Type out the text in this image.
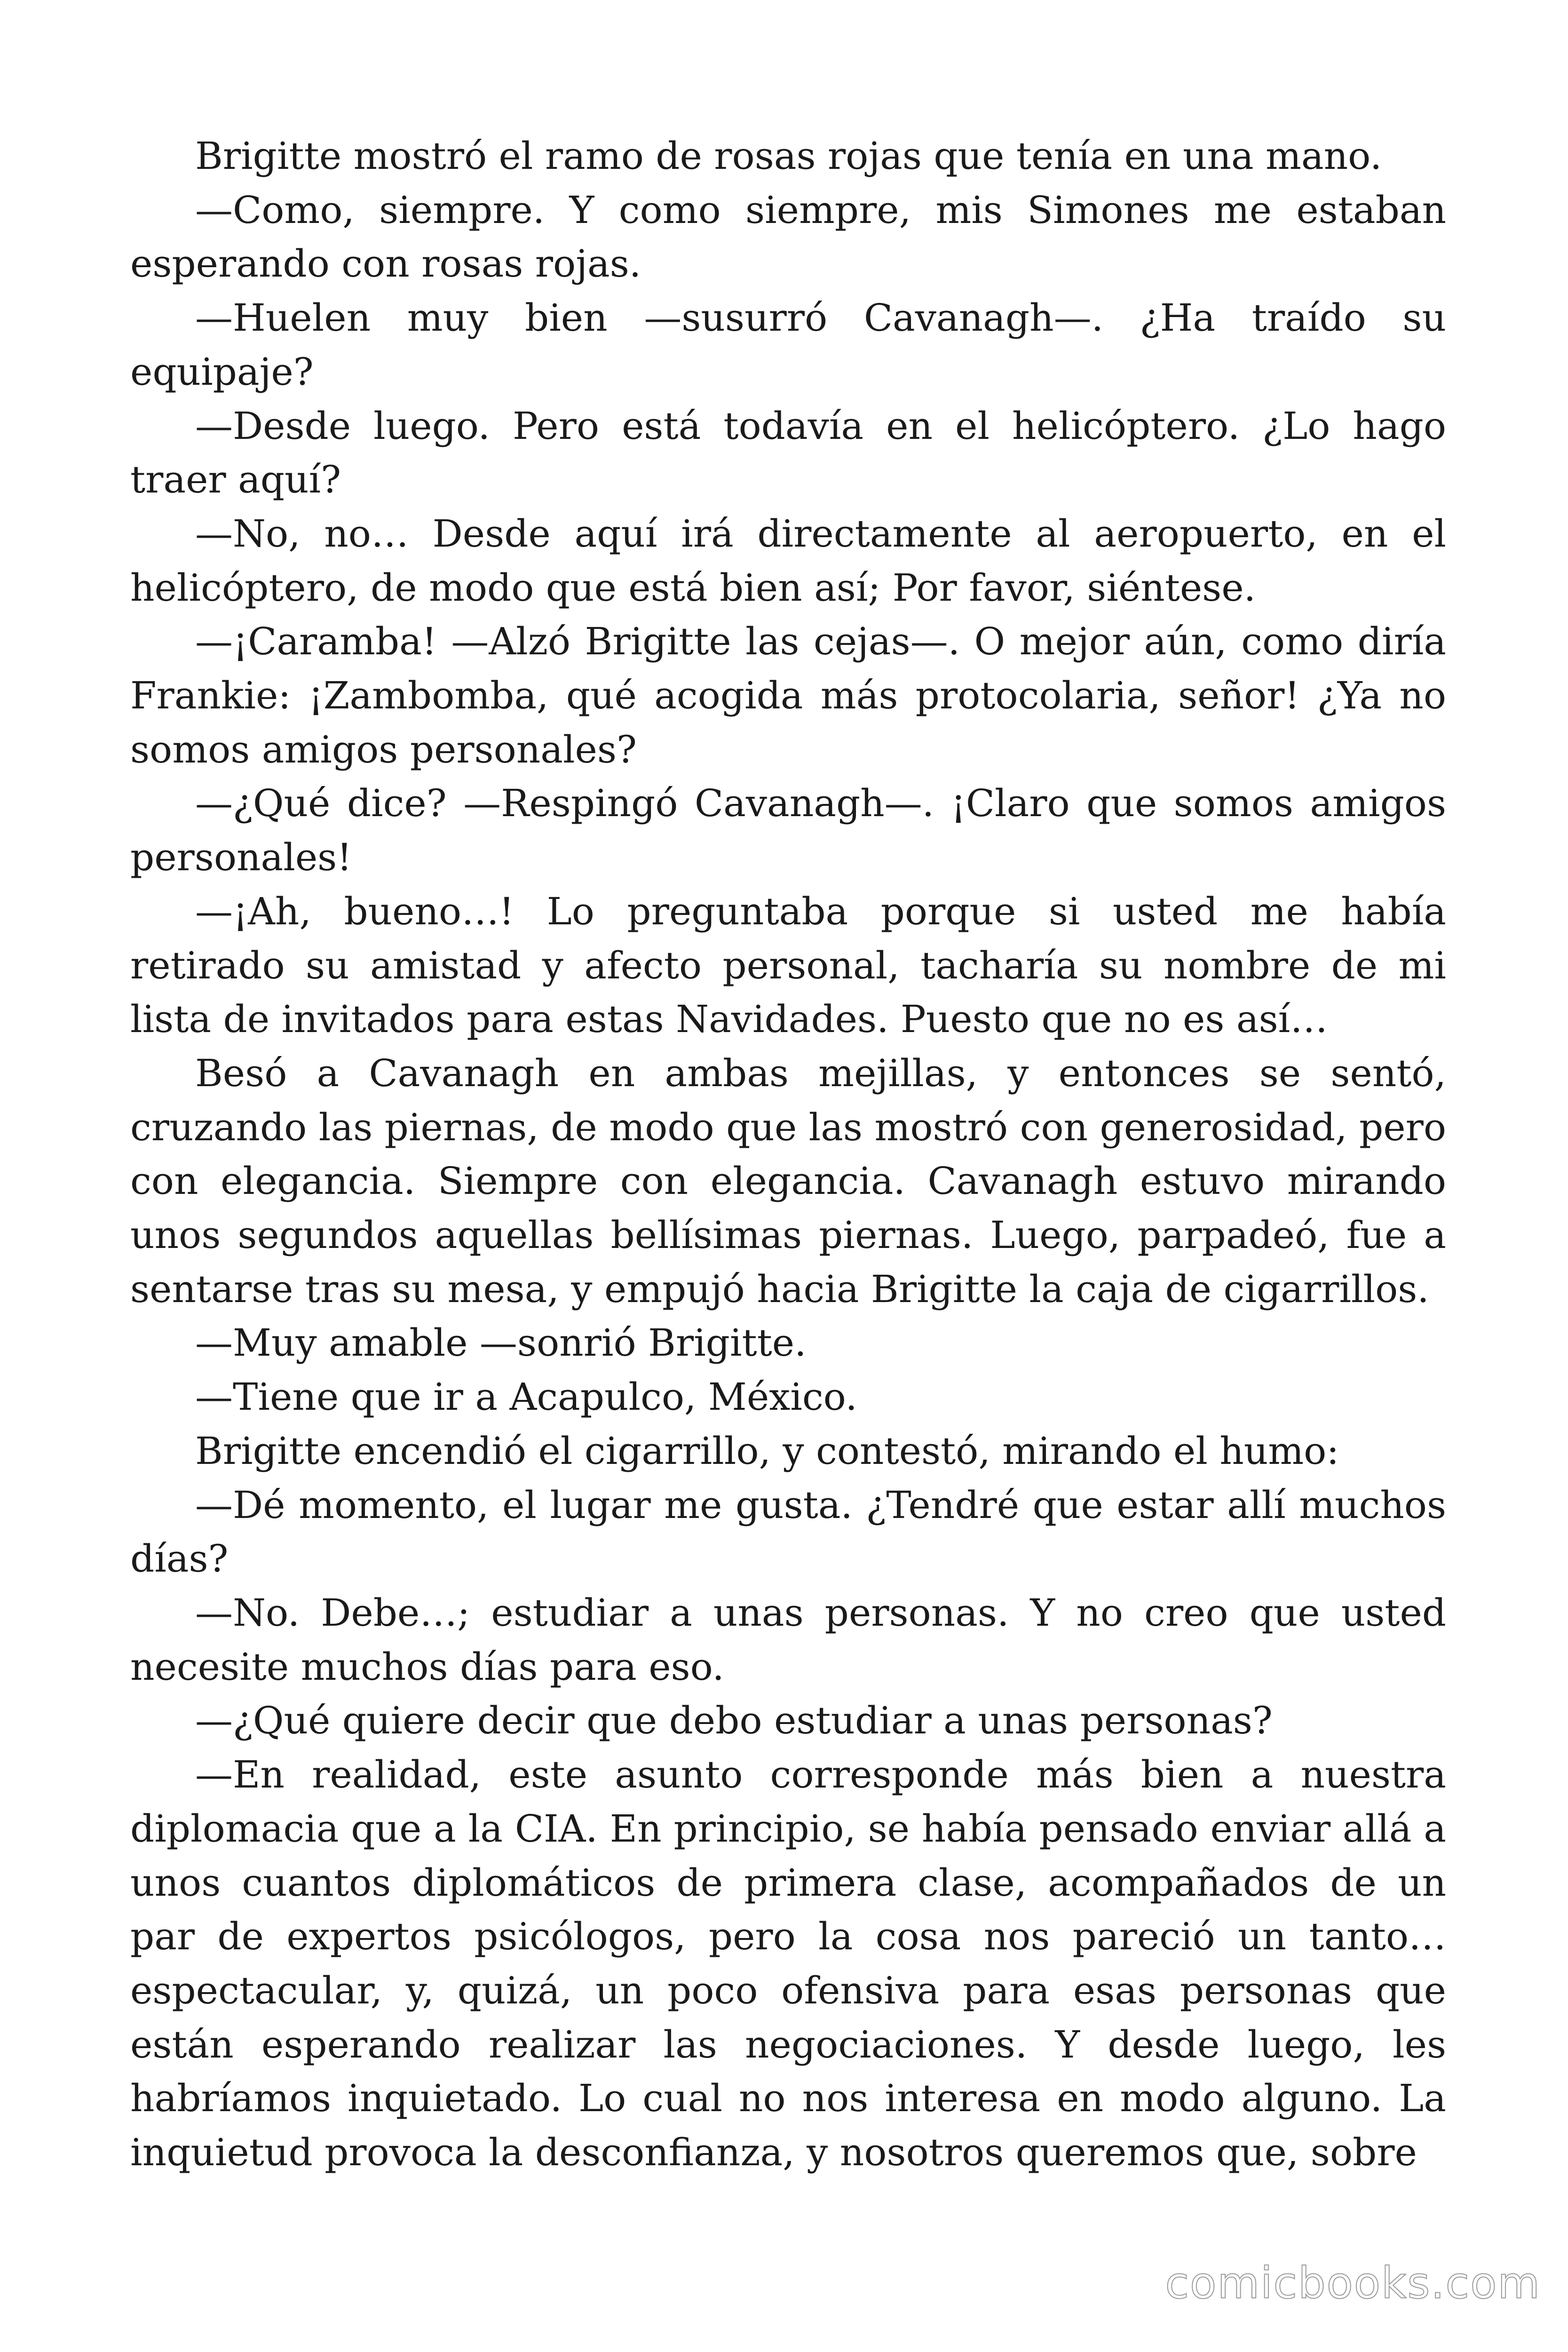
Brigitte mostró el ramo de rosas rojas que tenía en una mano.

—Como, siempre. Y como siempre, mis Simones me estaban esperando con rosas rojas.

—Huelen muy bien —susurró Cavanagh—. ¿Ha traído su equipaje?

—Desde luego. Pero está todavía en el helicóptero. ¿Lo hago traer aquí?

—No, no… Desde aquí irá directamente al aeropuerto, en el helicóptero, de modo que está bien así; Por favor, siéntese.

—¡Caramba! —Alzó Brigitte las cejas—. O mejor aún, como diría Frankie: ¡Zambomba, qué acogida más protocolaria, señor! ¿Ya no somos amigos personales?

—¿Qué dice? —Respingó Cavanagh—. ¡Claro que somos amigos personales!

—¡Ah, bueno…! Lo preguntaba porque si usted me había retirado su amistad y afecto personal, tacharía su nombre de mi lista de invitados para estas Navidades. Puesto que no es así…

Besó a Cavanagh en ambas mejillas, y entonces se sentó, cruzando las piernas, de modo que las mostró con generosidad, pero con elegancia. Siempre con elegancia. Cavanagh estuvo mirando unos segundos aquellas bellísimas piernas. Luego, parpadeó, fue a sentarse tras su mesa, y empujó hacia Brigitte la caja de cigarrillos.

—Muy amable —sonrió Brigitte.

—Tiene que ir a Acapulco, México.

Brigitte encendió el cigarrillo, y contestó, mirando el humo:

—Dé momento, el lugar me gusta. ¿Tendré que estar allí muchos días?

—No. Debe…; estudiar a unas personas. Y no creo que usted necesite muchos días para eso.

—¿Qué quiere decir que debo estudiar a unas personas?

—En realidad, este asunto corresponde más bien a nuestra diplomacia que a la CIA. En principio, se había pensado enviar allá a unos cuantos diplomáticos de primera clase, acompañados de un par de expertos psicólogos, pero la cosa nos pareció un tanto… espectacular, y, quizá, un poco ofensiva para esas personas que están esperando realizar las negociaciones. Y desde luego, les habríamos inquietado. Lo cual no nos interesa en modo alguno. La inquietud provoca la desconfianza, y nosotros queremos que, sobre

comicbooks.com
